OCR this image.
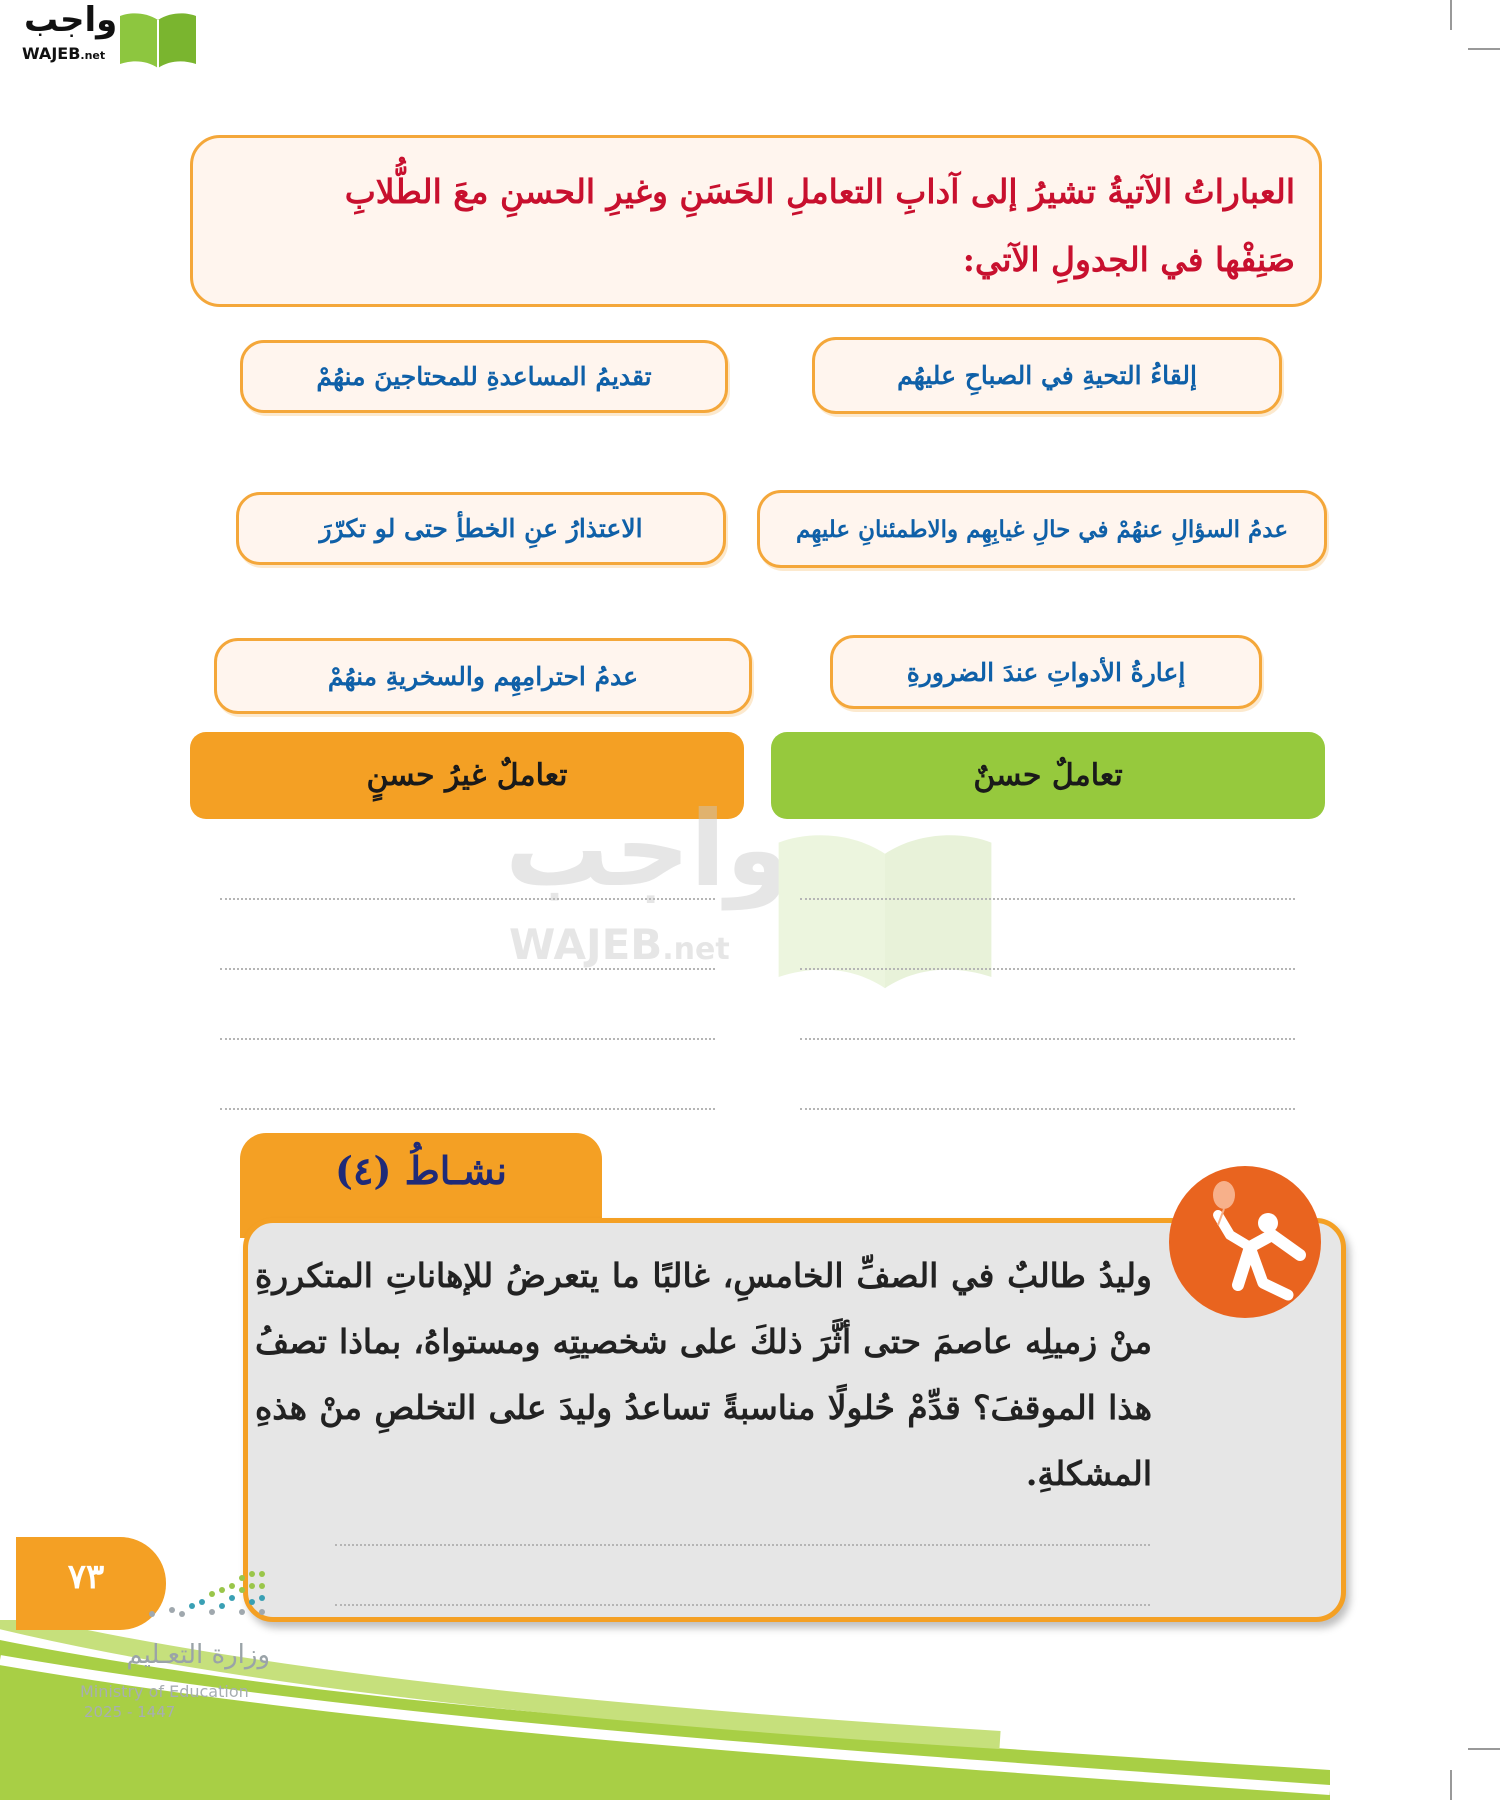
واجب
WAJEB.net

العباراتُ الآتيةُ تشيرُ إلى آدابِ التعاملِ الحَسَنِ وغيرِ الحسنِ معَ الطُّلابِ

صَنِفْها في الجدولِ الآتي:

إلقاءُ التحيةِ في الصباحِ عليهُم
تقديمُ المساعدةِ للمحتاجينَ منهُمْ
عدمُ السؤالِ عنهُمْ في حالِ غيابِهِم والاطمئنانِ عليهِم
الاعتذارُ عنِ الخطأِ حتى لو تكرّرَ
إعارةُ الأدواتِ عندَ الضرورةِ
عدمُ احترامِهِم والسخريةِ منهُمْ
تعاملٌ حسنٌ
تعاملٌ غيرُ حسنٍ
واجب
WAJEB.net
نشـاطُ (٤)
وليدُ طالبٌ في الصفِّ الخامسِ، غالبًا ما يتعرضُ للإهاناتِ المتكررةِ منْ زميلِه عاصمَ حتى أثَّرَ ذلكَ على شخصيتِه ومستواهُ، بماذا تصفُ هذا الموقفَ؟ قدِّمْ حُلولًا مناسبةً تساعدُ وليدَ على التخلصِ منْ هذهِ المشكلةِ.
٧٣
وزارة التعـليم
Ministry of Education
2025 - 1447
